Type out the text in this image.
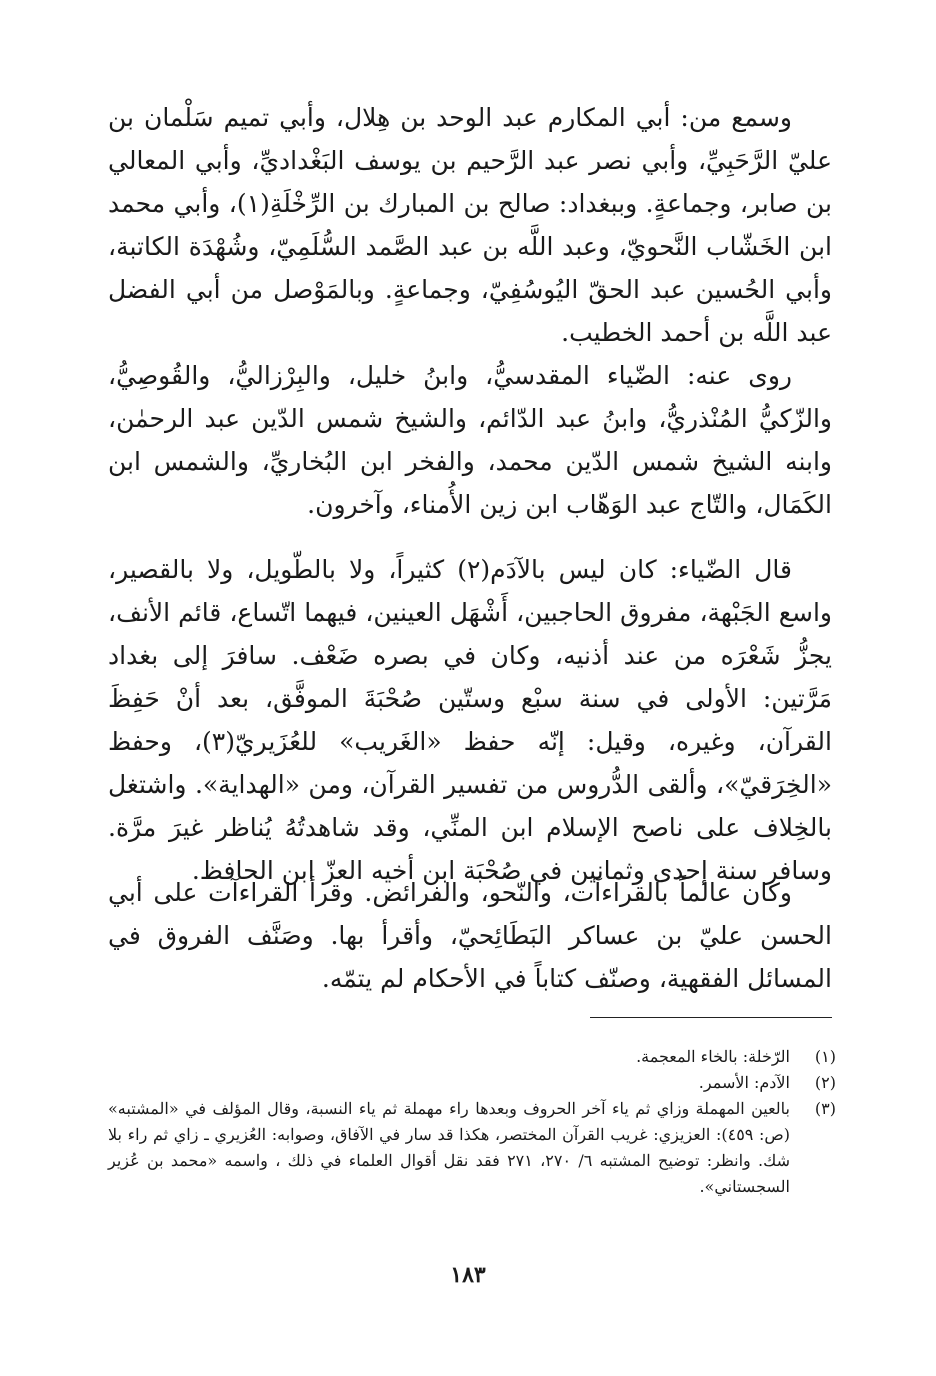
وسمع من: أبي المكارم عبد الوحد بن هِلال، وأبي تميم سَلْمان بن عليّ الرَّحَبِيِّ، وأبي نصر عبد الرَّحيم بن يوسف البَغْداديِّ، وأبي المعالي بن صابر، وجماعةٍ. وببغداد: صالح بن المبارك بن الرِّخْلَةِ(١)، وأبي محمد ابن الخَشّاب النَّحويّ، وعبد اللَّه بن عبد الصَّمد السُّلَمِيّ، وشُهْدَة الكاتبة، وأبي الحُسين عبد الحقّ اليُوسُفِيّ، وجماعةٍ. وبالمَوْصل من أبي الفضل عبد اللَّه بن أحمد الخطيب.

روى عنه: الضّياء المقدسيُّ، وابنُ خليل، والبِرْزاليُّ، والقُوصِيُّ، والزّكيُّ المُنْذريُّ، وابنُ عبد الدّائم، والشيخ شمس الدّين عبد الرحمٰن، وابنه الشيخ شمس الدّين محمد، والفخر ابن البُخاريِّ، والشمس ابن الكَمَال، والتّاج عبد الوَهّاب ابن زين الأُمناء، وآخرون.

قال الضّياء: كان ليس بالآدَم(٢) كثيراً، ولا بالطّويل، ولا بالقصير، واسع الجَبْهة، مفروق الحاجبين، أَشْهَل العينين، فيهما اتّساع، قائم الأنف، يجزُّ شَعْرَه من عند أذنيه، وكان في بصره ضَعْف. سافرَ إلى بغداد مَرَّتين: الأولى في سنة سبْع وستّين صُحْبَةَ الموفَّق، بعد أنْ حَفِظَ القرآن، وغيره، وقيل: إنّه حفظ «الغَريب» للعُزَيريّ(٣)، وحفظ «الخِرَقيّ»، وألقى الدُّروس من تفسير القرآن، ومن «الهداية». واشتغل بالخِلاف على ناصح الإسلام ابن المنِّي، وقد شاهدتُهُ يُناظر غيرَ مرَّة. وسافر سنة إحدى وثمانين في صُحْبَة ابن أخيه العزّ ابن الحافظ.

وكان عالماً بالقراءآت، والنّحو، والفرائض. وقرأ القراءآت على أبي الحسن عليّ بن عساكر البَطَائِحيّ، وأقرأ بها. وصَنَّف الفروق في المسائل الفقهية، وصنّف كتاباً في الأحكام لم يتمّه.

(١)
الرّخلة: بالخاء المعجمة.
(٢)
الآدم: الأسمر.
(٣)
بالعين المهملة وزاي ثم ياء آخر الحروف وبعدها راء مهملة ثم ياء النسبة، وقال المؤلف في «المشتبه» (ص: ٤٥٩): العزيزي: غريب القرآن المختصر، هكذا قد سار في الآفاق، وصوابه: العُزيري ـ زاي ثم راء بلا شك. وانظر: توضيح المشتبه ٦/ ٢٧٠، ٢٧١ فقد نقل أقوال العلماء في ذلك ، واسمه «محمد بن عُزير السجستاني».
١٨٣
